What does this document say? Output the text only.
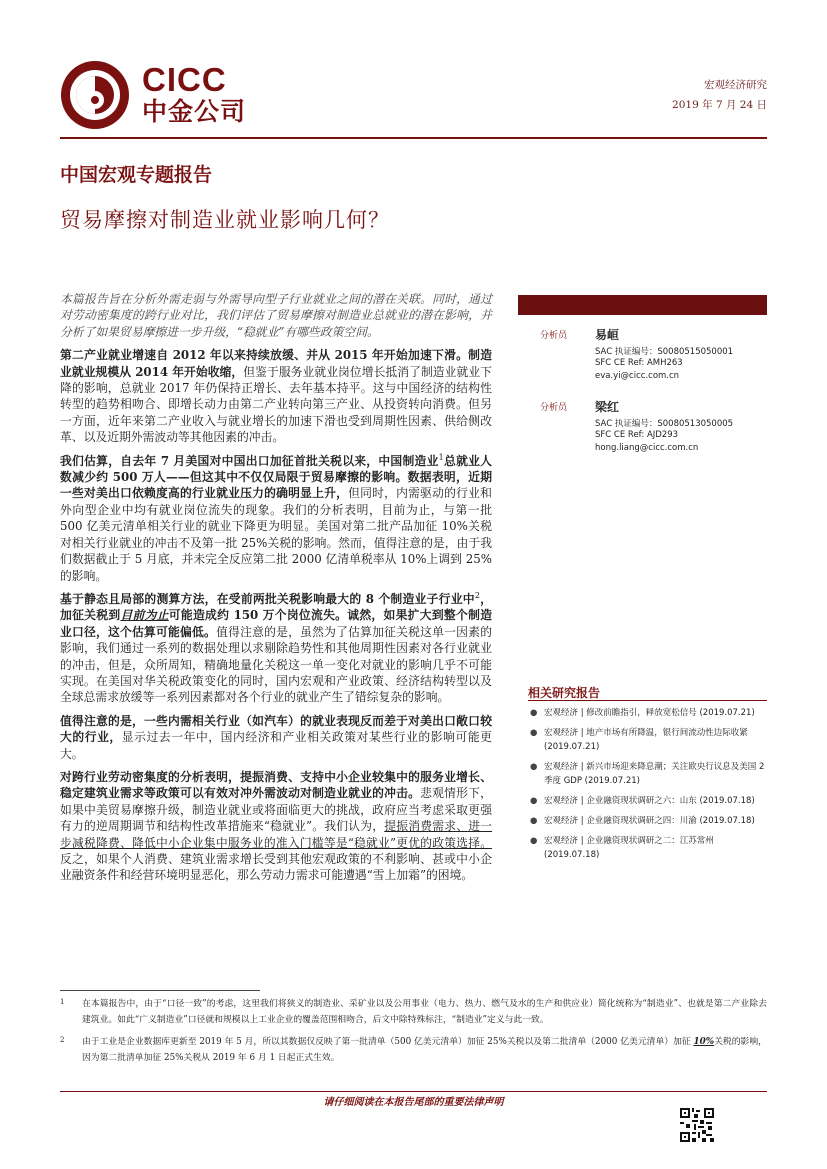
CICC
中金公司
宏观经济研究
2019 年 7 月 24 日
中国宏观专题报告
贸易摩擦对制造业就业影响几何？

本篇报告旨在分析外需走弱与外需导向型子行业就业之间的潜在关联。同时，通过对劳动密集度的跨行业对比，我们评估了贸易摩擦对制造业总就业的潜在影响，并分析了如果贸易摩擦进一步升级，“稳就业”有哪些政策空间。

第二产业就业增速自 2012 年以来持续放缓、并从 2015 年开始加速下滑。制造业就业规模从 2014 年开始收缩，但鉴于服务业就业岗位增长抵消了制造业就业下降的影响，总就业 2017 年仍保持正增长、去年基本持平。这与中国经济的结构性转型的趋势相吻合、即增长动力由第二产业转向第三产业、从投资转向消费。但另一方面，近年来第二产业收入与就业增长的加速下滑也受到周期性因素、供给侧改革、以及近期外需波动等其他因素的冲击。

我们估算，自去年 7 月美国对中国出口加征首批关税以来，中国制造业$^1$总就业人数减少约 500 万人——但这其中不仅仅局限于贸易摩擦的影响。数据表明，近期一些对美出口依赖度高的行业就业压力的确明显上升，但同时，内需驱动的行业和外向型企业中均有就业岗位流失的现象。我们的分析表明，目前为止，与第一批 500 亿美元清单相关行业的就业下降更为明显。美国对第二批产品加征 10%关税对相关行业就业的冲击不及第一批 25%关税的影响。然而，值得注意的是，由于我们数据截止于 5 月底，并未完全反应第二批 2000 亿清单税率从 10%上调到 25%的影响。

基于静态且局部的测算方法，在受前两批关税影响最大的 8 个制造业子行业中$^2$，加征关税到目前为止可能造成约 150 万个岗位流失。诚然，如果扩大到整个制造业口径，这个估算可能偏低。值得注意的是，虽然为了估算加征关税这单一因素的影响，我们通过一系列的数据处理以求剔除趋势性和其他周期性因素对各行业就业的冲击，但是，众所周知，精确地量化关税这一单一变化对就业的影响几乎不可能实现。在美国对华关税政策变化的同时，国内宏观和产业政策、经济结构转型以及全球总需求放缓等一系列因素都对各个行业的就业产生了错综复杂的影响。

值得注意的是，一些内需相关行业（如汽车）的就业表现反而差于对美出口敞口较大的行业，显示过去一年中，国内经济和产业相关政策对某些行业的影响可能更大。

对跨行业劳动密集度的分析表明，提振消费、支持中小企业较集中的服务业增长、稳定建筑业需求等政策可以有效对冲外需波动对制造业就业的冲击。悲观情形下，如果中美贸易摩擦升级，制造业就业或将面临更大的挑战，政府应当考虑采取更强有力的逆周期调节和结构性改革措施来“稳就业”。我们认为，提振消费需求、进一步减税降费、降低中小企业集中服务业的准入门槛等是“稳就业”更优的政策选择。反之，如果个人消费、建筑业需求增长受到其他宏观政策的不利影响、甚或中小企业融资条件和经营环境明显恶化，那么劳动力需求可能遭遇“雪上加霜”的困境。

分析员 易峘
SAC 执证编号：S0080515050001
SFC CE Ref: AMH263
eva.yi@cicc.com.cn
分析员 梁红
SAC 执证编号：S0080513050005
SFC CE Ref: AJD293
hong.liang@cicc.com.cn
相关研究报告
● 宏观经济 | 修改前瞻指引，释放宽松信号 (2019.07.21)
● 宏观经济 | 地产市场有所降温，银行间流动性边际收紧 (2019.07.21)
● 宏观经济 | 新兴市场迎来降息潮；关注欧央行议息及美国 2 季度 GDP (2019.07.21)
● 宏观经济 | 企业融资现状调研之六：山东 (2019.07.18)
● 宏观经济 | 企业融资现状调研之四：川渝 (2019.07.18)
● 宏观经济 | 企业融资现状调研之二：江苏常州 (2019.07.18)
1 在本篇报告中，由于“口径一致”的考虑，这里我们将狭义的制造业、采矿业以及公用事业（电力、热力、燃气及水的生产和供应业）简化统称为“制造业”、也就是第二产业除去建筑业。如此“广义制造业”口径就和规模以上工业企业的覆盖范围相吻合，后文中除特殊标注，“制造业”定义与此一致。
2 由于工业是企业数据库更新至 2019 年 5 月，所以其数据仅反映了第一批清单（500 亿美元清单）加征 25%关税以及第二批清单（2000 亿美元清单）加征 10%关税的影响，因为第二批清单加征 25%关税从 2019 年 6 月 1 日起正式生效。
请仔细阅读在本报告尾部的重要法律声明
